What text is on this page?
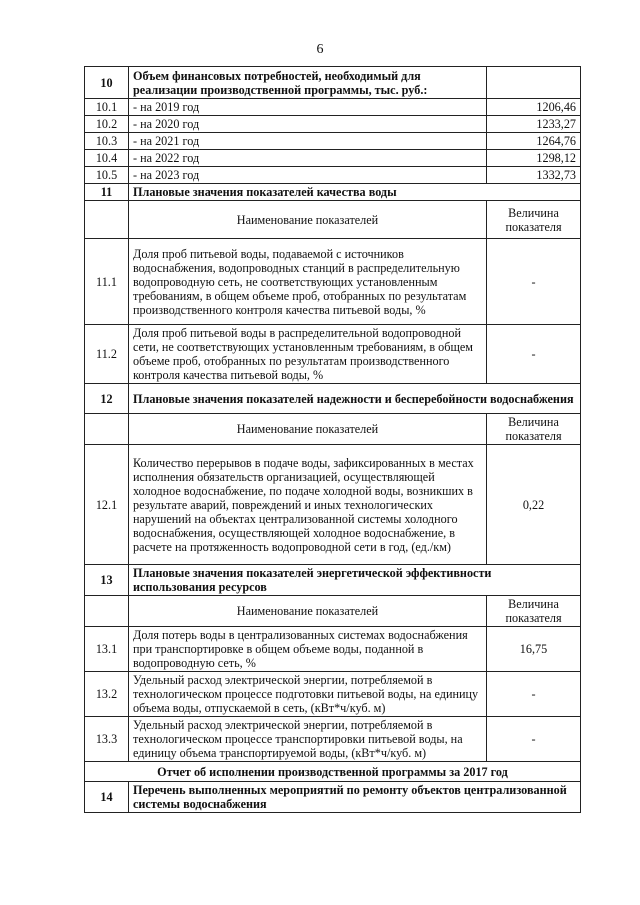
6
10	Объем финансовых потребностей, необходимый для реализации производственной программы, тыс. руб.:	
10.1	- на 2019 год	1206,46
10.2	- на 2020 год	1233,27
10.3	- на 2021 год	1264,76
10.4	- на 2022 год	1298,12
10.5	- на 2023 год	1332,73
11	Плановые значения показателей качества воды	
	Наименование показателей	Величина показателя
11.1	Доля проб питьевой воды, подаваемой с источников водоснабжения, водопроводных станций в распределительную водопроводную сеть, не соответствующих установленным требованиям, в общем объеме проб, отобранных по результатам производственного контроля качества питьевой воды, %	-
11.2	Доля проб питьевой воды в распределительной водопроводной сети, не соответствующих установленным требованиям, в общем объеме проб, отобранных по результатам производственного контроля качества питьевой воды, %	-
12	Плановые значения показателей надежности и бесперебойности водоснабжения	
	Наименование показателей	Величина показателя
12.1	Количество перерывов в подаче воды, зафиксированных в местах исполнения обязательств организацией, осуществляющей холодное водоснабжение, по подаче холодной воды, возникших в результате аварий, повреждений и иных технологических нарушений на объектах централизованной системы холодного водоснабжения, осуществляющей холодное водоснабжение, в расчете на протяженность водопроводной сети в год, (ед./км)	0,22
13	Плановые значения показателей энергетической эффективности использования ресурсов	
	Наименование показателей	Величина показателя
13.1	Доля потерь воды в централизованных системах водоснабжения при транспортировке в общем объеме воды, поданной в водопроводную сеть, %	16,75
13.2	Удельный расход электрической энергии, потребляемой в технологическом процессе подготовки питьевой воды, на единицу объема воды, отпускаемой в сеть, (кВт*ч/куб. м)	-
13.3	Удельный расход электрической энергии, потребляемой в технологическом процессе транспортировки питьевой воды, на единицу объема транспортируемой воды, (кВт*ч/куб. м)	-
Отчет об исполнении производственной программы за 2017 год		
14	Перечень выполненных мероприятий по ремонту объектов централизованной системы водоснабжения	
